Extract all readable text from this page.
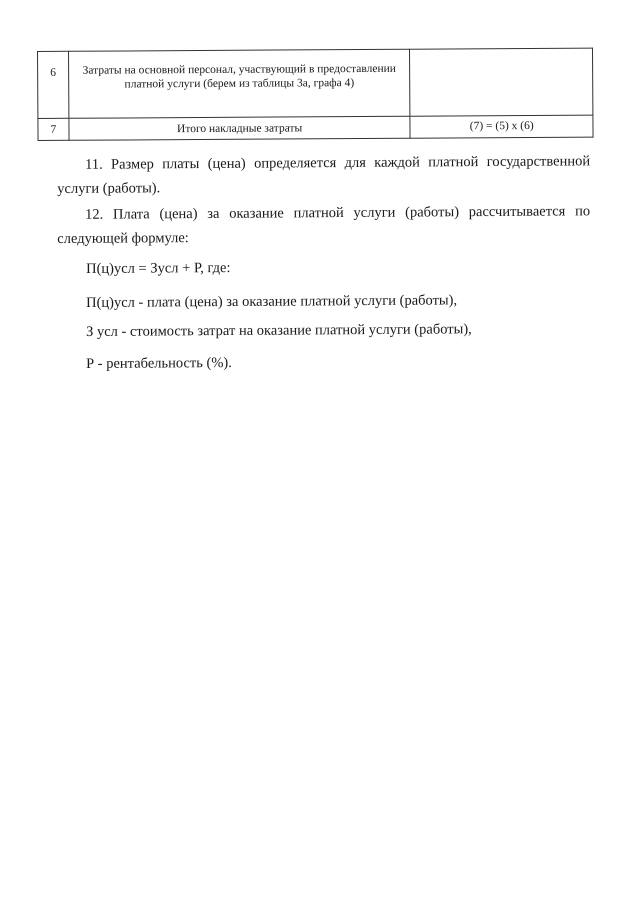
6	Затраты на основной персонал, участвующий в предоставлении платной услуги (берем из таблицы 3а, графа 4)	
7	Итого накладные затраты	(7) = (5) x (6)

11. Размер платы (цена) определяется для каждой платной государственной услуги (работы).

12. Плата (цена) за оказание платной услуги (работы) рассчитывается по следующей формуле:

П(ц)усл = Зусл + Р, где:

П(ц)усл - плата (цена) за оказание платной услуги (работы),

З усл - стоимость затрат на оказание платной услуги (работы),

Р - рентабельность (%).
